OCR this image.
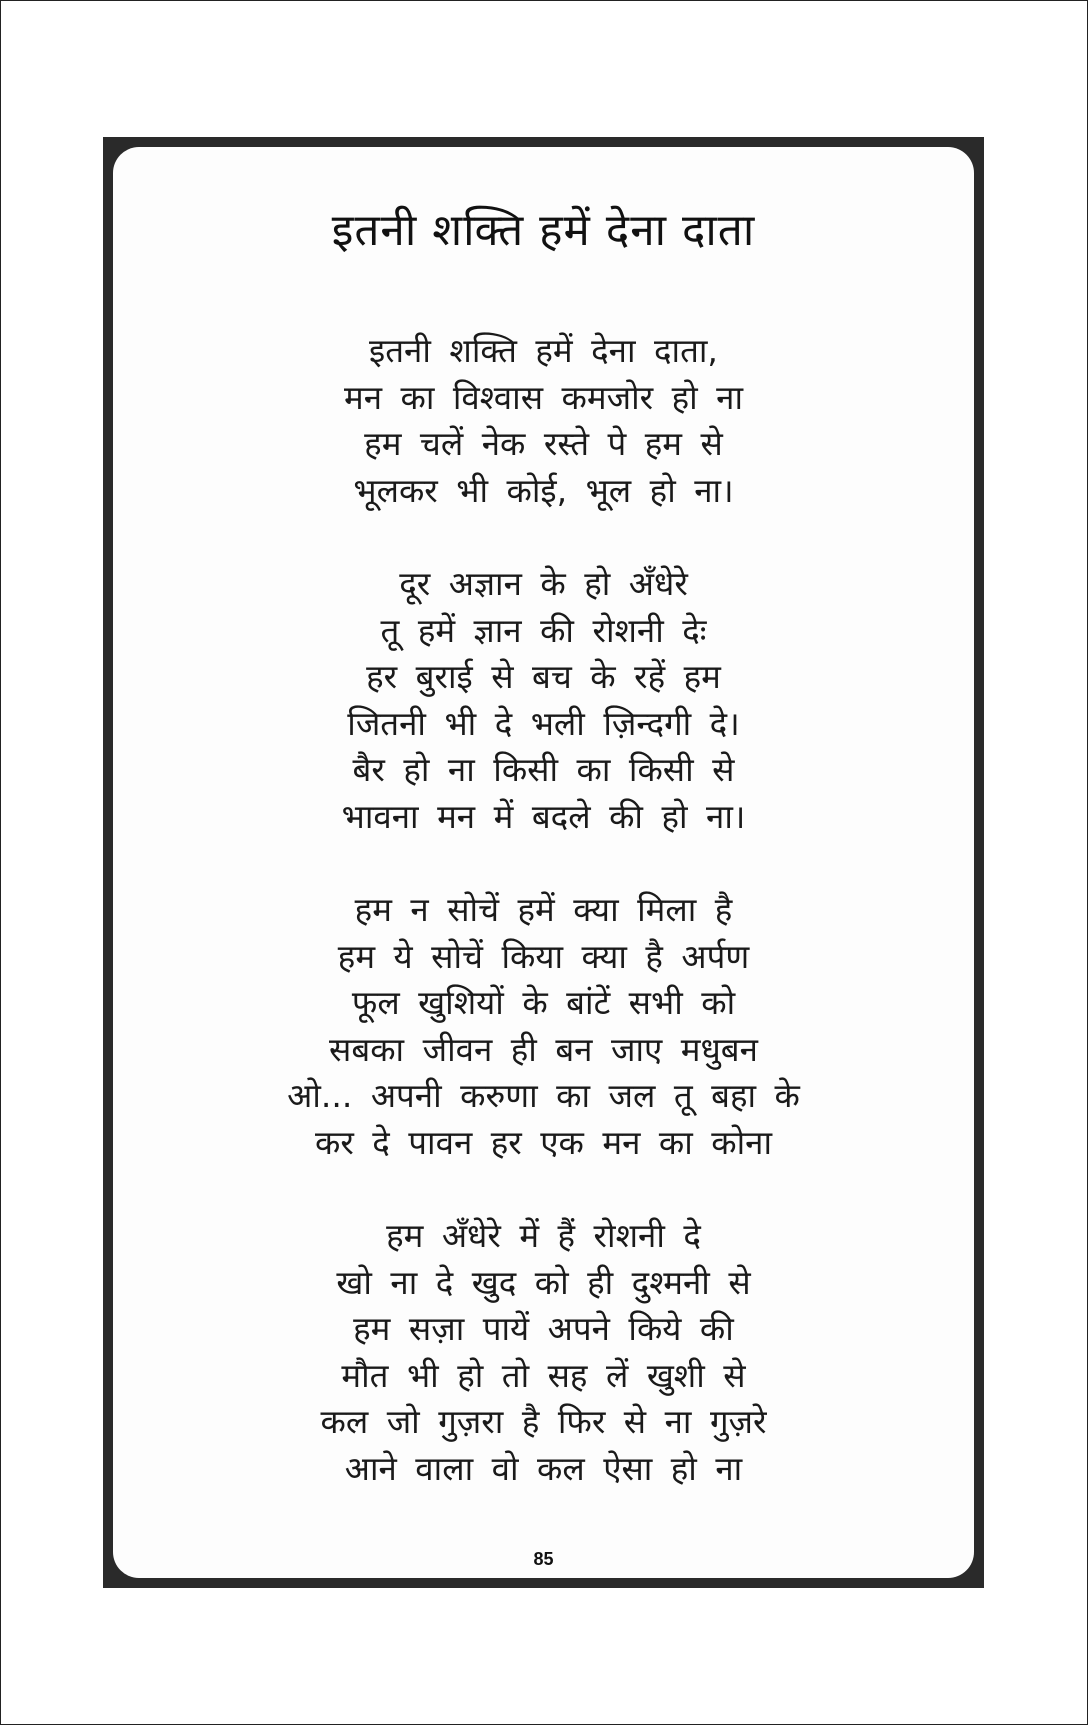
इतनी शक्ति हमें देना दाता
इतनी शक्ति हमें देना दाता,
मन का विश्वास कमजोर हो ना
हम चलें नेक रस्ते पे हम से
भूलकर भी कोई, भूल हो ना।
दूर अज्ञान के हो अँधेरे
तू हमें ज्ञान की रोशनी देः
हर बुराई से बच के रहें हम
जितनी भी दे भली ज़िन्दगी दे।
बैर हो ना किसी का किसी से
भावना मन में बदले की हो ना।
हम न सोचें हमें क्या मिला है
हम ये सोचें किया क्या है अर्पण
फूल खुशियों के बांटें सभी को
सबका जीवन ही बन जाए मधुबन
ओ... अपनी करुणा का जल तू बहा के
कर दे पावन हर एक मन का कोना
हम अँधेरे में हैं रोशनी दे
खो ना दे खुद को ही दुश्मनी से
हम सज़ा पायें अपने किये की
मौत भी हो तो सह लें खुशी से
कल जो गुज़रा है फिर से ना गुज़रे
आने वाला वो कल ऐसा हो ना
85
